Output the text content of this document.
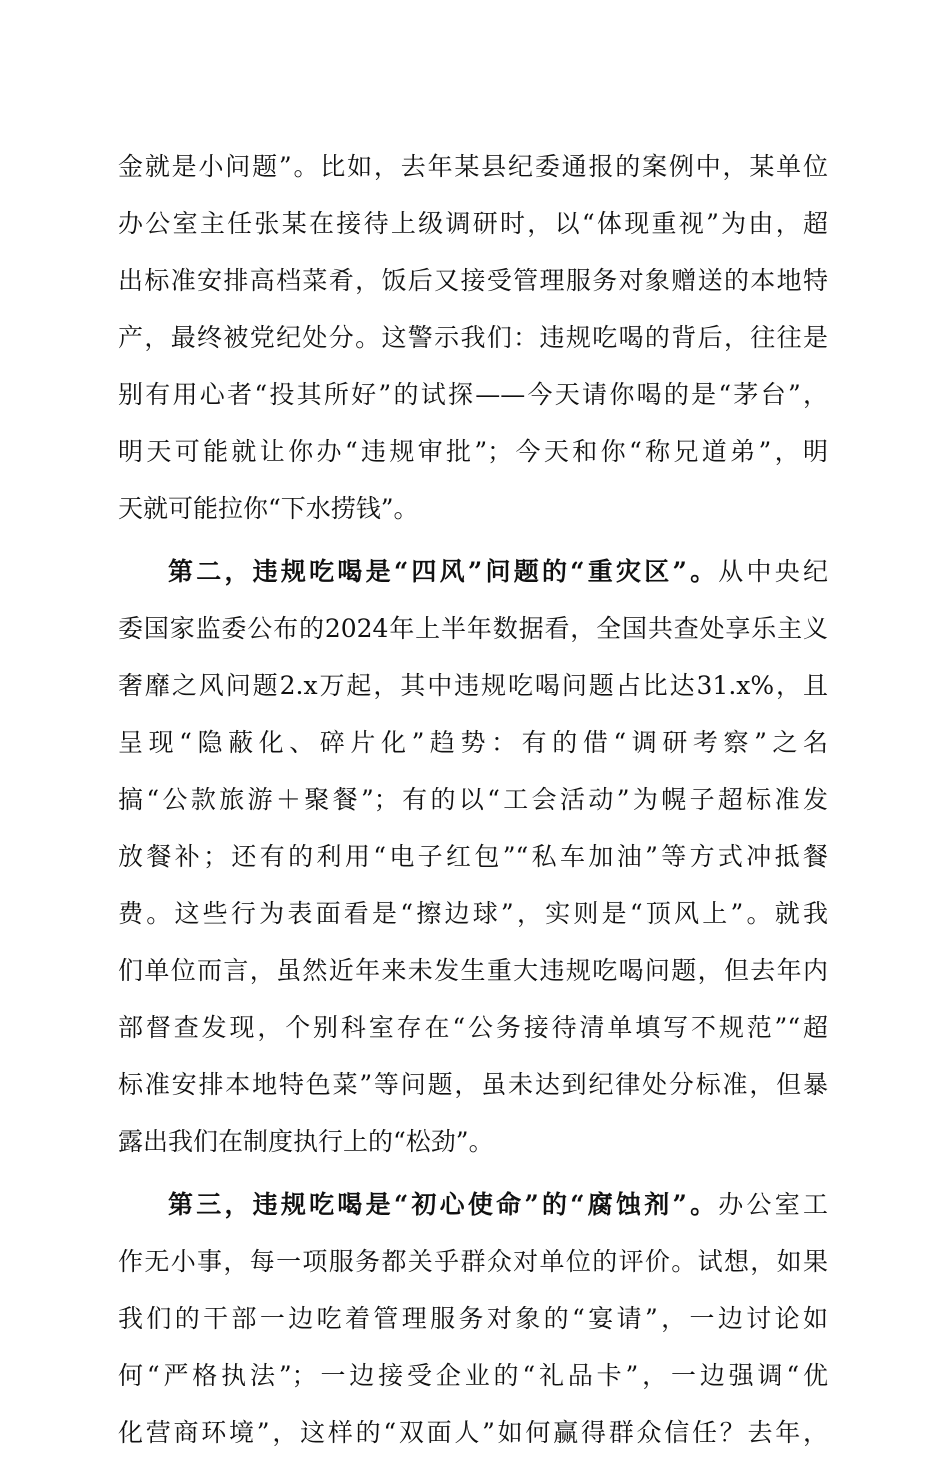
金就是小问题”。比如，去年某县纪委通报的案例中，某单位
办公室主任张某在接待上级调研时，以“体现重视”为由，超
出标准安排高档菜肴，饭后又接受管理服务对象赠送的本地特
产，最终被党纪处分。这警示我们：违规吃喝的背后，往往是
别有用心者“投其所好”的试探——今天请你喝的是“茅台”，
明天可能就让你办“违规审批”；今天和你“称兄道弟”，明
天就可能拉你“下水捞钱”。
第二，违规吃喝是“四风”问题的“重灾区”。从中央纪
委国家监委公布的2024年上半年数据看，全国共查处享乐主义
奢靡之风问题2.x万起，其中违规吃喝问题占比达31.x%，且
呈现“隐蔽化、碎片化”趋势：有的借“调研考察”之名
搞“公款旅游＋聚餐”；有的以“工会活动”为幌子超标准发
放餐补；还有的利用“电子红包”“私车加油”等方式冲抵餐
费。这些行为表面看是“擦边球”，实则是“顶风上”。就我
们单位而言，虽然近年来未发生重大违规吃喝问题，但去年内
部督查发现，个别科室存在“公务接待清单填写不规范”“超
标准安排本地特色菜”等问题，虽未达到纪律处分标准，但暴
露出我们在制度执行上的“松劲”。
第三，违规吃喝是“初心使命”的“腐蚀剂”。办公室工
作无小事，每一项服务都关乎群众对单位的评价。试想，如果
我们的干部一边吃着管理服务对象的“宴请”，一边讨论如
何“严格执法”；一边接受企业的“礼品卡”，一边强调“优
化营商环境”，这样的“双面人”如何赢得群众信任？去年，
